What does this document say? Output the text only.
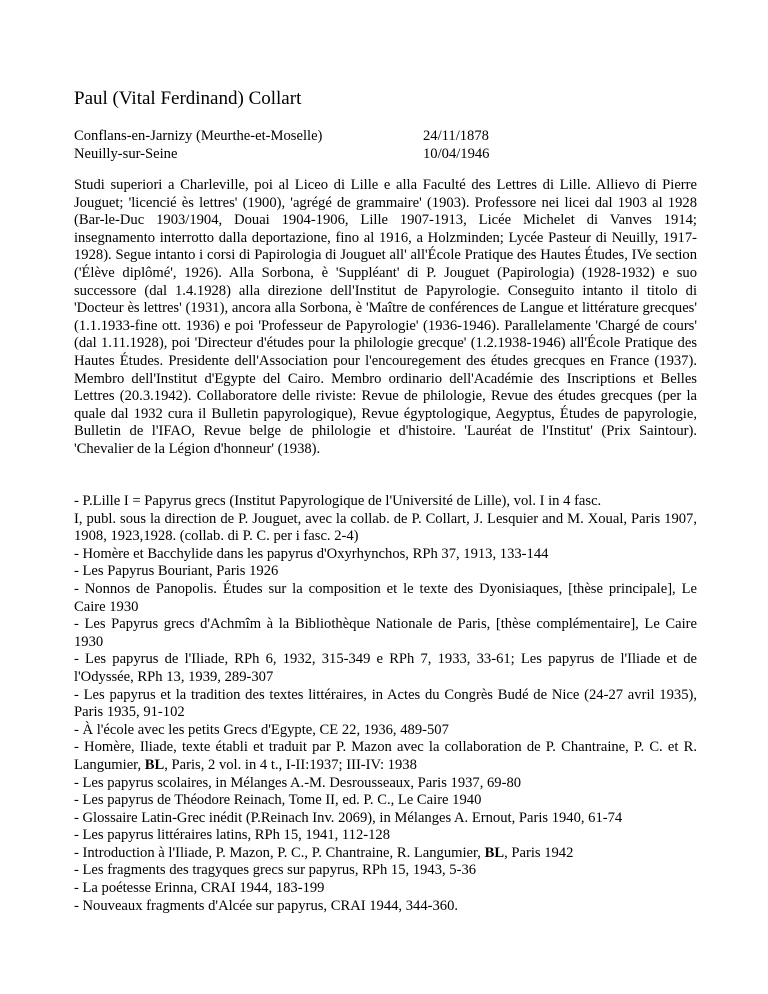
Paul (Vital Ferdinand) Collart
Conflans-en-Jarnizy (Meurthe-et-Moselle)	24/11/1878
Neuilly-sur-Seine	10/04/1946

Studi superiori a Charleville, poi al Liceo di Lille e alla Faculté des Lettres di Lille. Allievo di Pierre Jouguet; 'licencié ès lettres' (1900), 'agrégé de grammaire' (1903). Professore nei licei dal 1903 al 1928 (Bar-le-Duc 1903/1904, Douai 1904-1906, Lille 1907-1913, Licée Michelet di Vanves 1914; insegnamento interrotto dalla deportazione, fino al 1916, a Holzminden; Lycée Pasteur di Neuilly, 1917-1928). Segue intanto i corsi di Papirologia di Jouguet all' all'École Pratique des Hautes Études, IVe section ('Élève diplômé', 1926). Alla Sorbona, è 'Suppléant' di P. Jouguet (Papirologia) (1928-1932) e suo successore (dal 1.4.1928) alla direzione dell'Institut de Papyrologie. Conseguito intanto il titolo di 'Docteur ès lettres' (1931), ancora alla Sorbona, è 'Maître de conférences de Langue et littérature grecques' (1.1.1933-fine ott. 1936) e poi 'Professeur de Papyrologie' (1936-1946). Parallelamente 'Chargé de cours' (dal 1.11.1928), poi 'Directeur d'études pour la philologie grecque' (1.2.1938-1946) all'École Pratique des Hautes Études. Presidente dell'Association pour l'encouregement des études grecques en France (1937). Membro dell'Institut d'Egypte del Cairo. Membro ordinario dell'Académie des Inscriptions et Belles Lettres (20.3.1942). Collaboratore delle riviste: Revue de philologie, Revue des études grecques (per la quale dal 1932 cura il Bulletin papyrologique), Revue égyptologique, Aegyptus, Études de papyrologie, Bulletin de l'IFAO, Revue belge de philologie et d'histoire. 'Lauréat de l'Institut' (Prix Saintour). 'Chevalier de la Légion d'honneur' (1938).

- P.Lille I = Papyrus grecs (Institut Papyrologique de l'Université de Lille), vol. I in 4 fasc.
I, publ. sous la direction de P. Jouguet, avec la collab. de P. Collart, J. Lesquier and M. Xoual, Paris 1907, 1908, 1923,1928. (collab. di P. C. per i fasc. 2-4)
- Homère et Bacchylide dans les papyrus d'Oxyrhynchos, RPh 37, 1913, 133-144
- Les Papyrus Bouriant, Paris 1926
- Nonnos de Panopolis. Études sur la composition et le texte des Dyonisiaques, [thèse principale], Le Caire 1930
- Les Papyrus grecs d'Achmîm à la Bibliothèque Nationale de Paris, [thèse complémentaire], Le Caire 1930
- Les papyrus de l'Iliade, RPh 6, 1932, 315-349 e RPh 7, 1933, 33-61; Les papyrus de l'Iliade et de l'Odyssée, RPh 13, 1939, 289-307
- Les papyrus et la tradition des textes littéraires, in Actes du Congrès Budé de Nice (24-27 avril 1935), Paris 1935, 91-102
- À l'école avec les petits Grecs d'Egypte, CE 22, 1936, 489-507
- Homère, Iliade, texte établi et traduit par P. Mazon avec la collaboration de P. Chantraine, P. C. et R. Langumier, BL, Paris, 2 vol. in 4 t., I-II:1937; III-IV: 1938
- Les papyrus scolaires, in Mélanges A.-M. Desrousseaux, Paris 1937, 69-80
- Les papyrus de Théodore Reinach, Tome II, ed. P. C., Le Caire 1940
- Glossaire Latin-Grec inédit (P.Reinach Inv. 2069), in Mélanges A. Ernout, Paris 1940, 61-74
- Les papyrus littéraires latins, RPh 15, 1941, 112-128
- Introduction à l'Iliade, P. Mazon, P. C., P. Chantraine, R. Langumier, BL, Paris 1942
- Les fragments des tragyques grecs sur papyrus, RPh 15, 1943, 5-36
- La poétesse Erinna, CRAI 1944, 183-199
- Nouveaux fragments d'Alcée sur papyrus, CRAI 1944, 344-360.
